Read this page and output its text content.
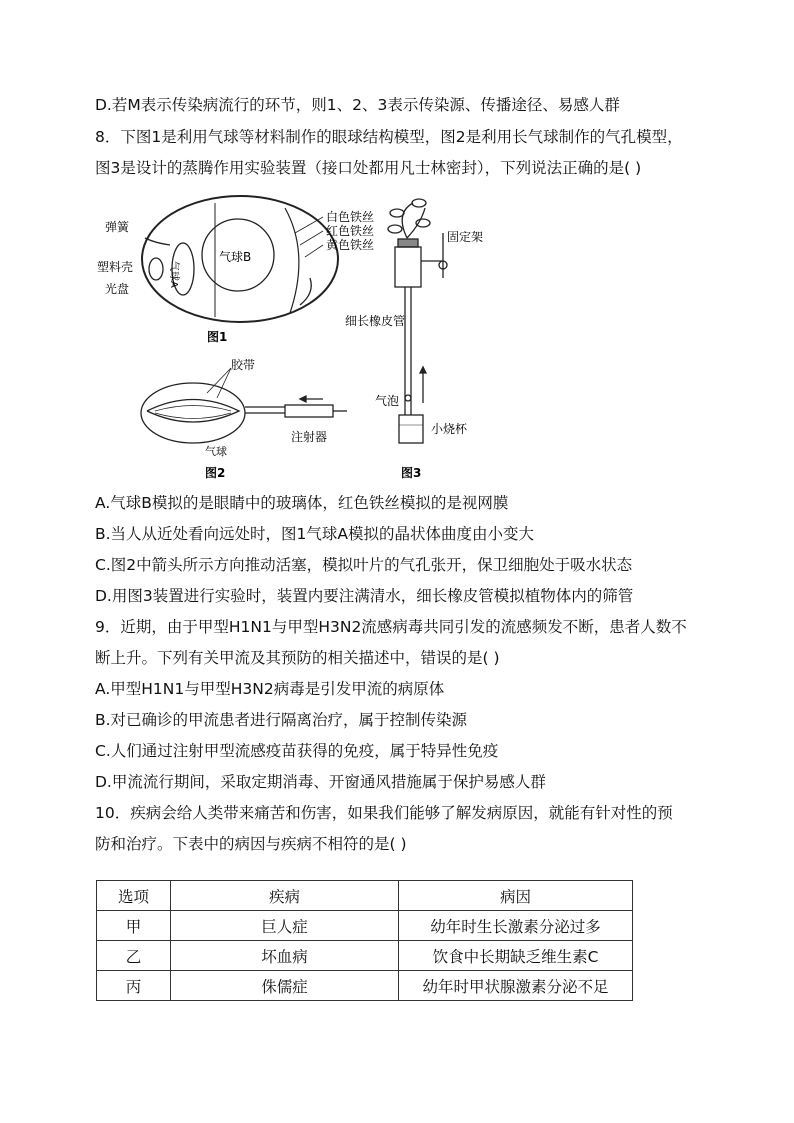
D.若M表示传染病流行的环节，则1、2、3表示传染源、传播途径、易感人群
8．下图1是利用气球等材料制作的眼球结构模型，图2是利用长气球制作的气孔模型，
图3是设计的蒸腾作用实验装置（接口处都用凡士林密封），下列说法正确的是( )
弹簧
塑料壳
光盘
气球A
气球B
白色铁丝
红色铁丝
黄色铁丝
图1
胶带
气球
注射器
图2
固定架
细长橡皮管
气泡
小烧杯
图3
A.气球B模拟的是眼睛中的玻璃体，红色铁丝模拟的是视网膜
B.当人从近处看向远处时，图1气球A模拟的晶状体曲度由小变大
C.图2中箭头所示方向推动活塞，模拟叶片的气孔张开，保卫细胞处于吸水状态
D.用图3装置进行实验时，装置内要注满清水，细长橡皮管模拟植物体内的筛管
9．近期，由于甲型H1N1与甲型H3N2流感病毒共同引发的流感频发不断，患者人数不
断上升。下列有关甲流及其预防的相关描述中，错误的是( )
A.甲型H1N1与甲型H3N2病毒是引发甲流的病原体
B.对已确诊的甲流患者进行隔离治疗，属于控制传染源
C.人们通过注射甲型流感疫苗获得的免疫，属于特异性免疫
D.甲流流行期间，采取定期消毒、开窗通风措施属于保护易感人群
10．疾病会给人类带来痛苦和伤害，如果我们能够了解发病原因，就能有针对性的预
防和治疗。下表中的病因与疾病不相符的是( )
选项	疾病	病因
甲	巨人症	幼年时生长激素分泌过多
乙	坏血病	饮食中长期缺乏维生素C
丙	侏儒症	幼年时甲状腺激素分泌不足
